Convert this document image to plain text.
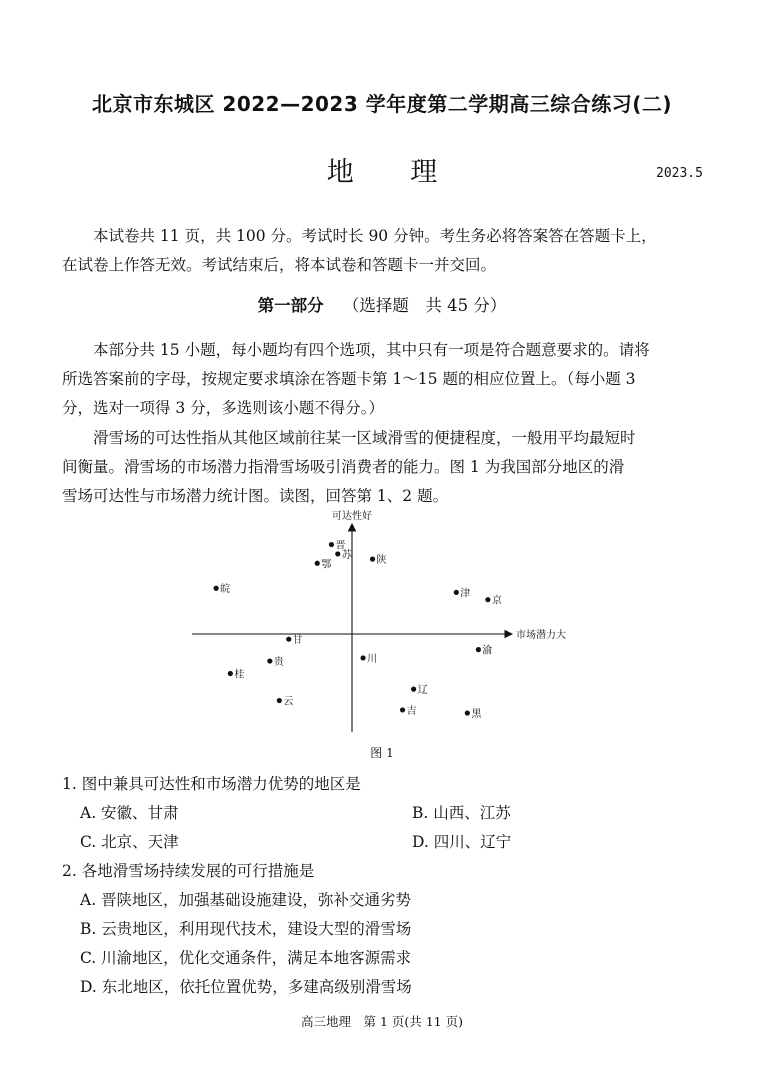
北京市东城区 2022—2023 学年度第二学期高三综合练习(二)
地 理	2023.5
本试卷共 11 页，共 100 分。考试时长 90 分钟。考生务必将答案答在答题卡上，
在试卷上作答无效。考试结束后，将本试卷和答题卡一并交回。
第一部分 （选择题　共 45 分）
本部分共 15 小题，每小题均有四个选项，其中只有一项是符合题意要求的。请将
所选答案前的字母，按规定要求填涂在答题卡第 1～15 题的相应位置上。（每小题 3
分，选对一项得 3 分，多选则该小题不得分。）
滑雪场的可达性指从其他区域前往某一区域滑雪的便捷程度，一般用平均最短时
间衡量。滑雪场的市场潜力指滑雪场吸引消费者的能力。图 1 为我国部分地区的滑
雪场可达性与市场潜力统计图。读图，回答第 1、2 题。
市场潜力大
可达性好
晋
苏
鄂	陕
皖	津
京
甘
川
贵
渝
桂
辽
云
吉	黑
图 1
1. 图中兼具可达性和市场潜力优势的地区是
A. 安徽、甘肃	B. 山西、江苏
C. 北京、天津	D. 四川、辽宁
2. 各地滑雪场持续发展的可行措施是
A. 晋陕地区，加强基础设施建设，弥补交通劣势
B. 云贵地区，利用现代技术，建设大型的滑雪场
C. 川渝地区，优化交通条件，满足本地客源需求
D. 东北地区，依托位置优势，多建高级别滑雪场
高三地理　第 1 页(共 11 页)
